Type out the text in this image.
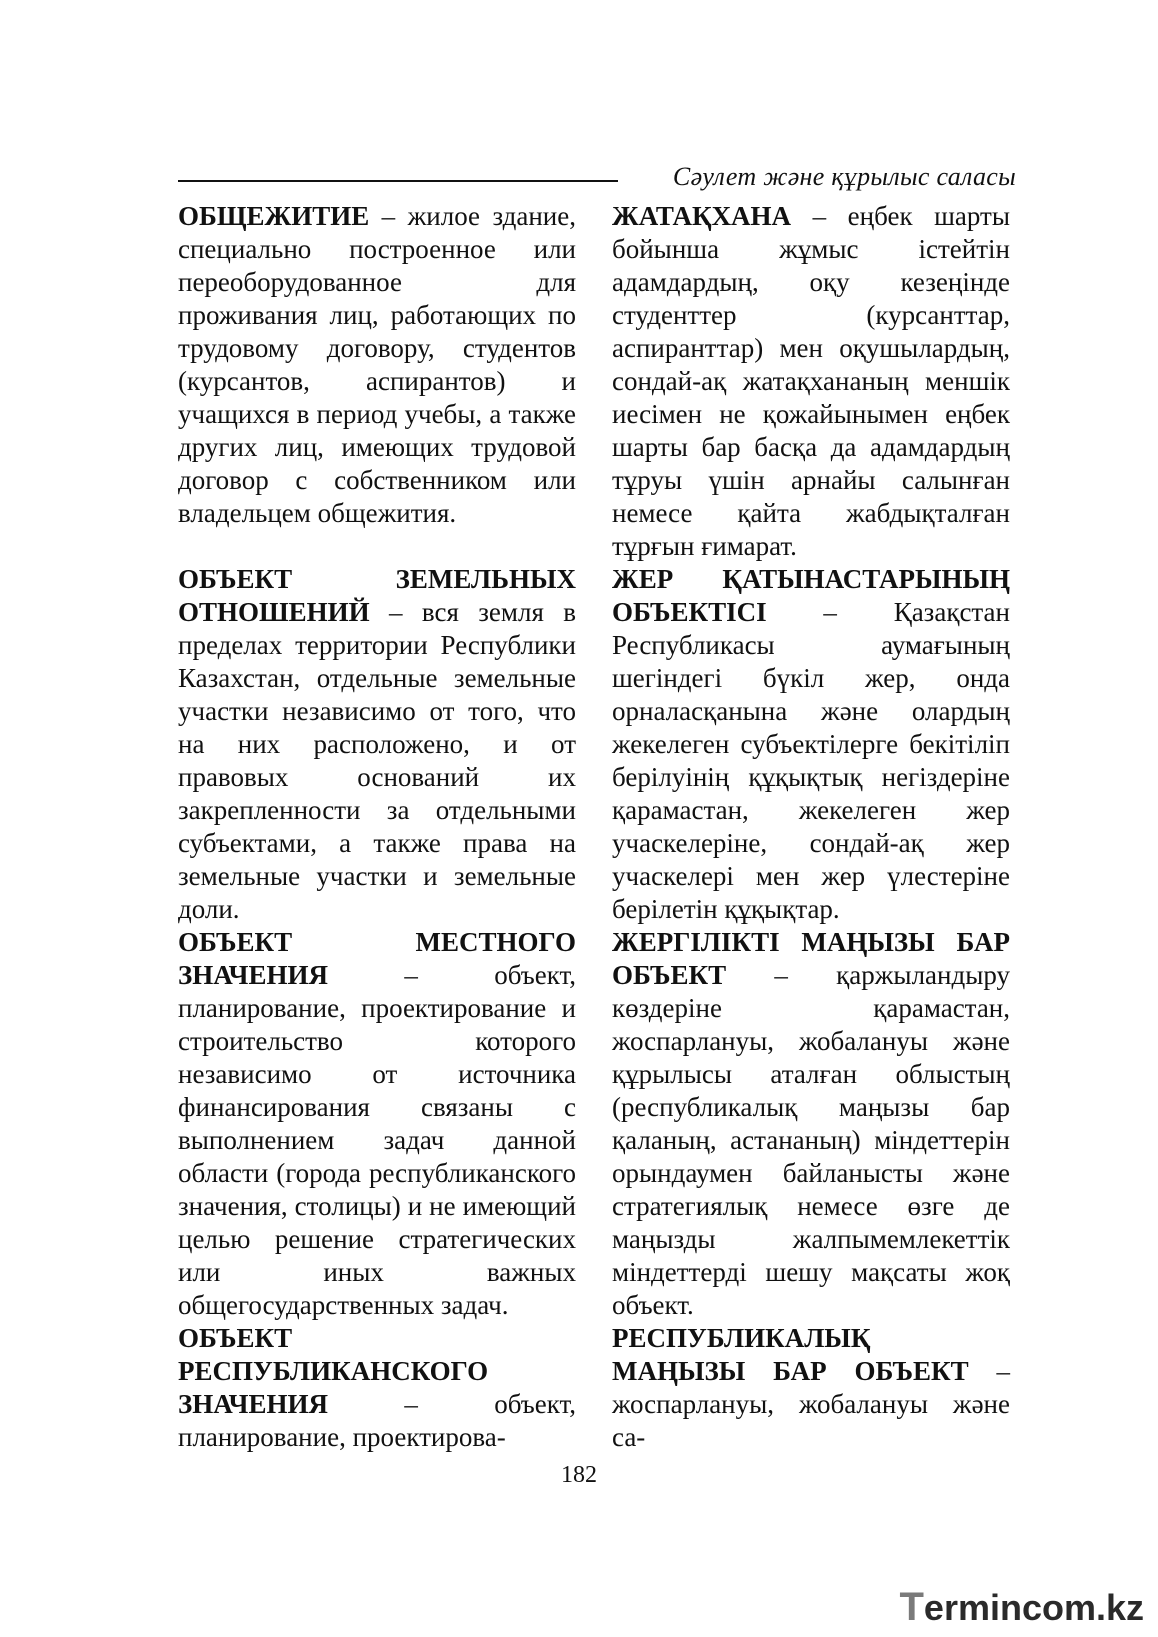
Сәулет және құрылыс саласы

ОБЩЕЖИТИЕ – жилое здание, специально построенное или переоборудованное для проживания лиц, работающих по трудовому договору, студентов (курсантов, аспирантов) и учащихся в период учебы, а также других лиц, имеющих трудовой договор с собственником или владельцем общежития.

ОБЪЕКТ ЗЕМЕЛЬНЫХ ОТНОШЕНИЙ – вся земля в пределах территории Республики Казахстан, отдельные земельные участки независимо от того, что на них расположено, и от правовых оснований их закрепленности за отдельными субъектами, а также права на земельные участки и земельные доли.

ОБЪЕКТ МЕСТНОГО ЗНАЧЕНИЯ – объект, планирование, проектирование и строительство которого независимо от источника финансирования связаны с выполнением задач данной области (города республиканского значения, столицы) и не имеющий целью решение стратегических или иных важных общегосударственных задач.

ОБЪЕКТ РЕСПУБЛИКАНСКОГО ЗНАЧЕНИЯ – объект, планирование, проектирова-

ЖАТАҚХАНА – еңбек шарты бойынша жұмыс істейтін адамдардың, оқу кезеңінде студенттер (курсанттар, аспиранттар) мен оқушылардың, сондай-ақ жатақхананың меншік иесімен не қожайынымен еңбек шарты бар басқа да адамдардың тұруы үшін арнайы салынған немесе қайта жабдықталған тұрғын ғимарат.

ЖЕР ҚАТЫНАСТАРЫНЫҢ ОБЪЕКТІСІ – Қазақстан Республикасы аумағының шегіндегі бүкіл жер, онда орналасқанына және олардың жекелеген субъектілерге бекітіліп берілуінің құқықтық негіздеріне қарамастан, жекелеген жер учаскелеріне, сондай-ақ жер учаскелері мен жер үлестеріне берілетін құқықтар.

ЖЕРГІЛІКТІ МАҢЫЗЫ БАР ОБЪЕКТ – қаржыландыру көздеріне қарамастан, жоспарлануы, жобалануы және құрылысы аталған облыстың (республикалық маңызы бар қаланың, астананың) міндеттерін орындаумен байланысты және стратегиялық немесе өзге де маңызды жалпымемлекеттік міндеттерді шешу мақсаты жоқ объект.

РЕСПУБЛИКАЛЫҚ МАҢЫЗЫ БАР ОБЪЕКТ – жоспарлануы, жобалануы және са-

182
Termincom.kz
